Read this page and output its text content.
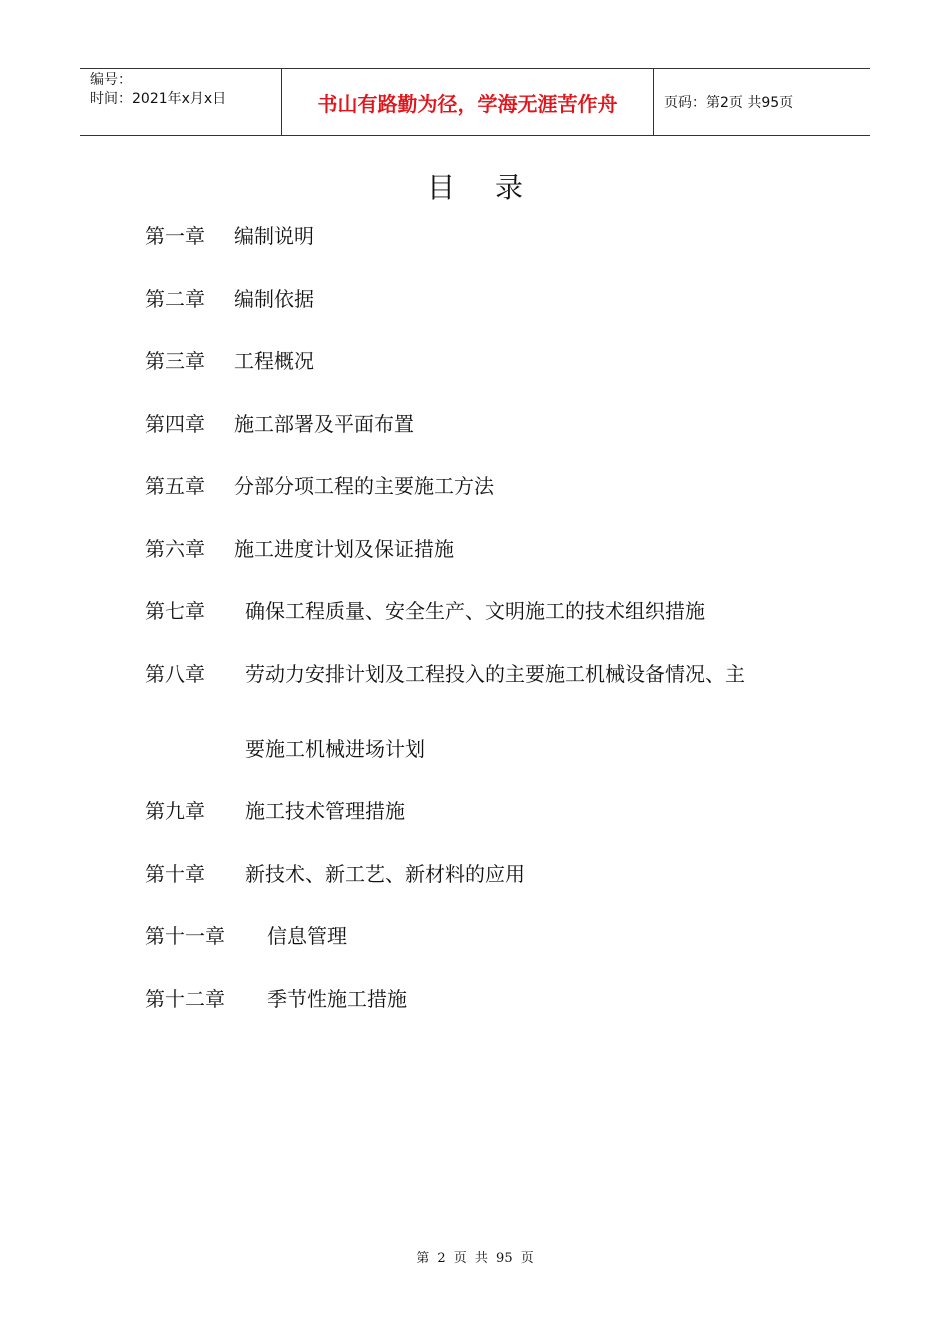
编号：
时间：2021年x月x日	书山有路勤为径，学海无涯苦作舟	页码：第2页 共95页
目录
第一章 编制说明
第二章 编制依据
第三章 工程概况
第四章 施工部署及平面布置
第五章 分部分项工程的主要施工方法
第六章 施工进度计划及保证措施
第七章 确保工程质量、安全生产、文明施工的技术组织措施
第八章 劳动力安排计划及工程投入的主要施工机械设备情况、主
要施工机械进场计划
第九章 施工技术管理措施
第十章 新技术、新工艺、新材料的应用
第十一章 信息管理
第十二章 季节性施工措施
第 2 页 共 95 页
